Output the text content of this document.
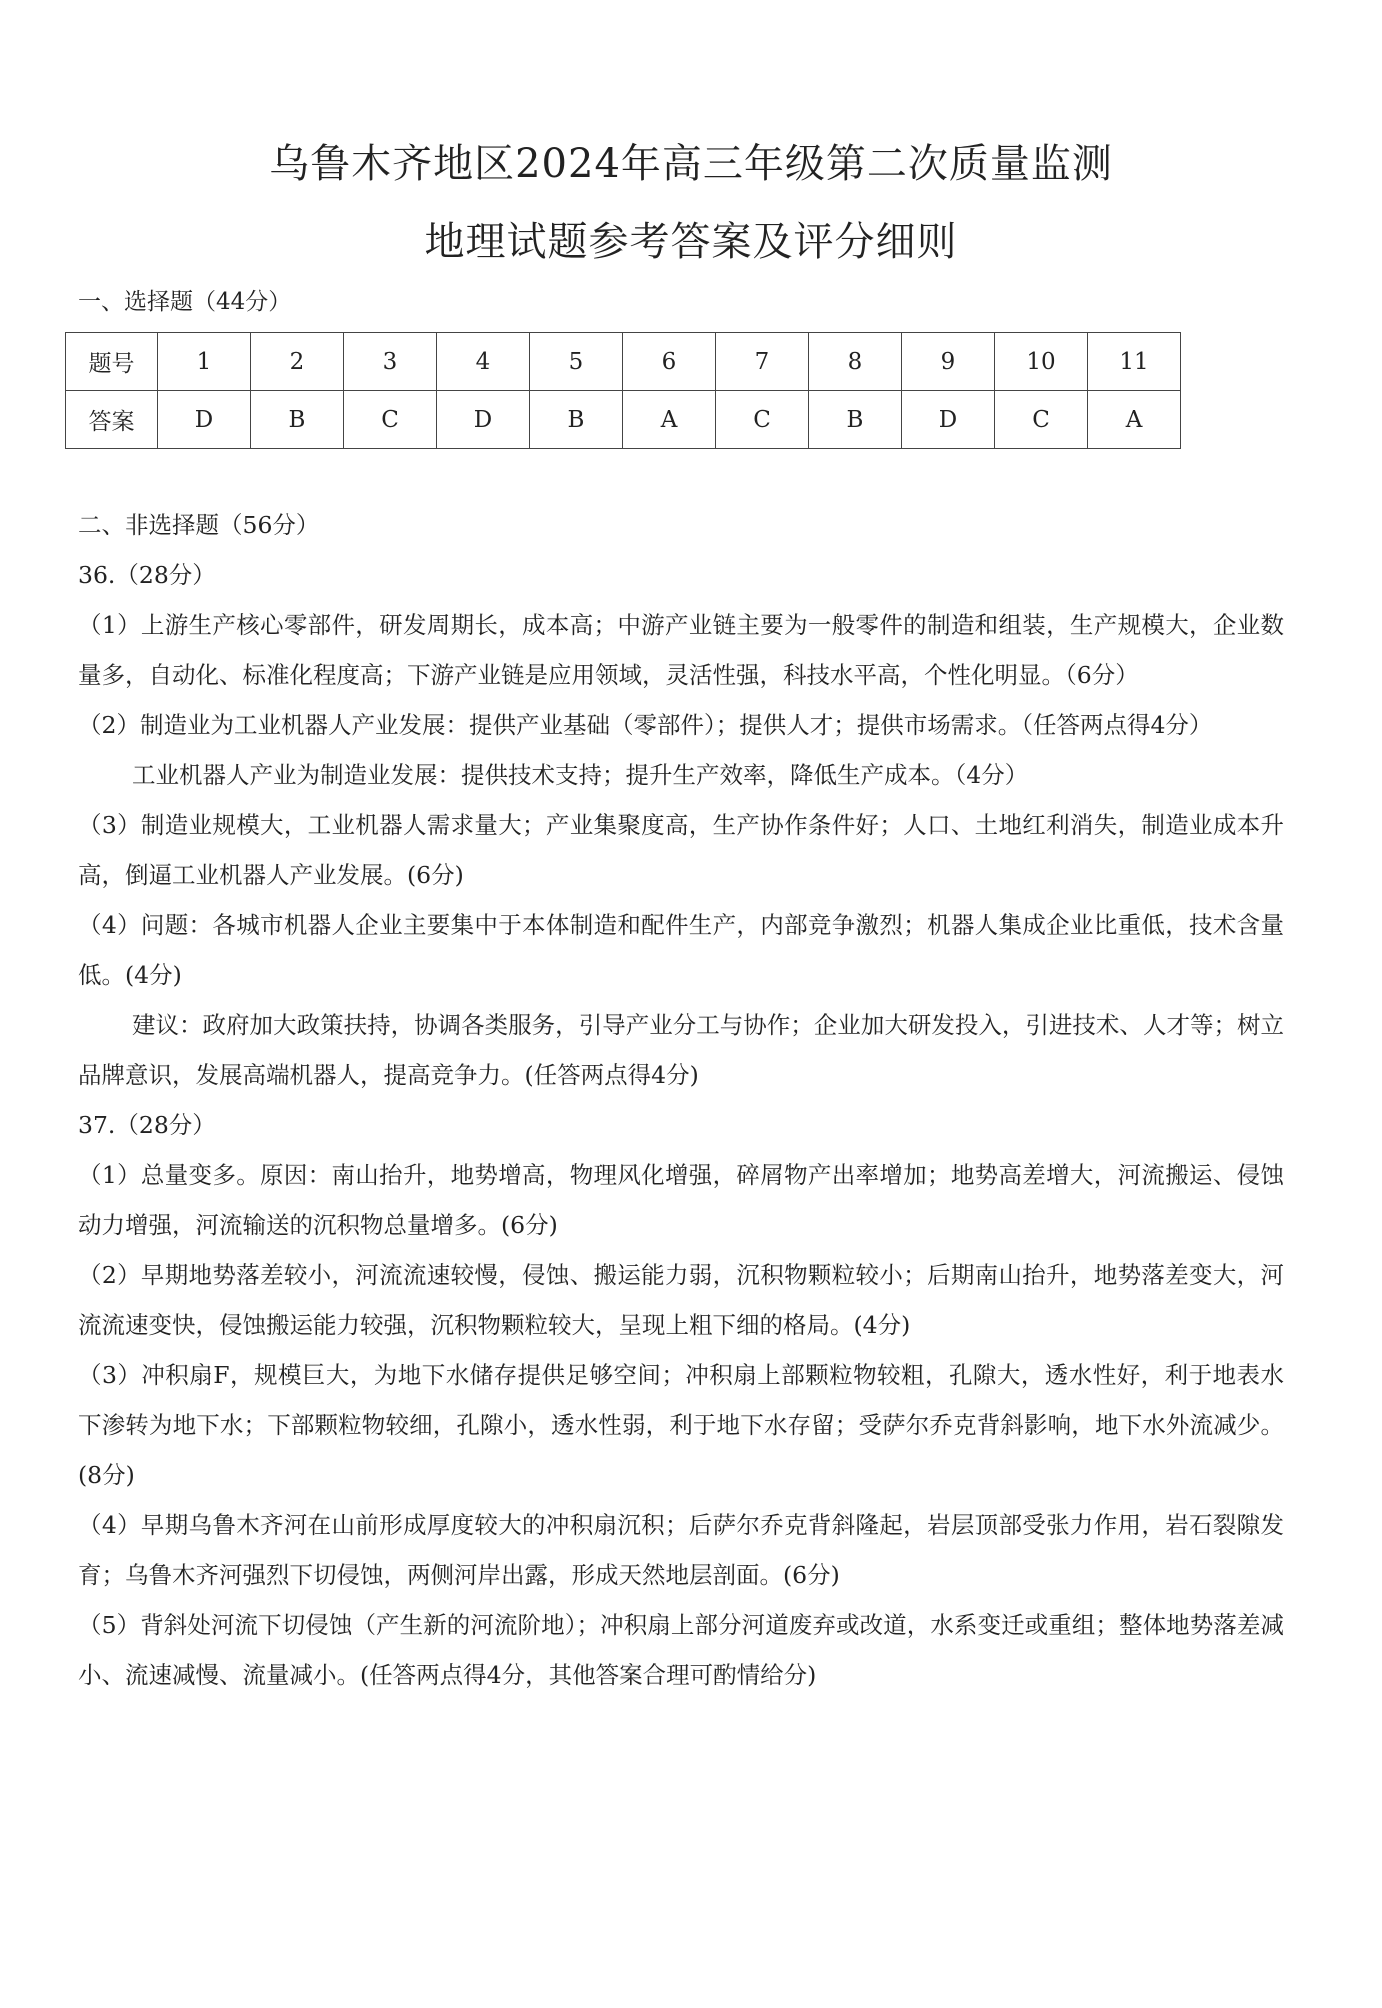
乌鲁木齐地区2024年高三年级第二次质量监测
地理试题参考答案及评分细则
一、选择题（44分）
题号	1	2	3	4	5	6	7	8	9	10	11
答案	D	B	C	D	B	A	C	B	D	C	A

二、非选择题（56分）

36.（28分）

（1）上游生产核心零部件，研发周期长，成本高；中游产业链主要为一般零件的制造和组装，生产规模大，企业数量多，自动化、标准化程度高；下游产业链是应用领域，灵活性强，科技水平高，个性化明显。（6分）

（2）制造业为工业机器人产业发展：提供产业基础（零部件）；提供人才；提供市场需求。（任答两点得4分）

工业机器人产业为制造业发展：提供技术支持；提升生产效率，降低生产成本。（4分）

（3）制造业规模大，工业机器人需求量大；产业集聚度高，生产协作条件好；人口、土地红利消失，制造业成本升高，倒逼工业机器人产业发展。(6分)

（4）问题：各城市机器人企业主要集中于本体制造和配件生产，内部竞争激烈；机器人集成企业比重低，技术含量低。(4分)

建议：政府加大政策扶持，协调各类服务，引导产业分工与协作；企业加大研发投入，引进技术、人才等；树立品牌意识，发展高端机器人，提高竞争力。(任答两点得4分)

37.（28分）

（1）总量变多。原因：南山抬升，地势增高，物理风化增强，碎屑物产出率增加；地势高差增大，河流搬运、侵蚀动力增强，河流输送的沉积物总量增多。(6分)

（2）早期地势落差较小，河流流速较慢，侵蚀、搬运能力弱，沉积物颗粒较小；后期南山抬升，地势落差变大，河流流速变快，侵蚀搬运能力较强，沉积物颗粒较大，呈现上粗下细的格局。(4分)

（3）冲积扇F，规模巨大，为地下水储存提供足够空间；冲积扇上部颗粒物较粗，孔隙大，透水性好，利于地表水下渗转为地下水；下部颗粒物较细，孔隙小，透水性弱，利于地下水存留；受萨尔乔克背斜影响，地下水外流减少。(8分)

（4）早期乌鲁木齐河在山前形成厚度较大的冲积扇沉积；后萨尔乔克背斜隆起，岩层顶部受张力作用，岩石裂隙发育；乌鲁木齐河强烈下切侵蚀，两侧河岸出露，形成天然地层剖面。(6分)

（5）背斜处河流下切侵蚀（产生新的河流阶地）；冲积扇上部分河道废弃或改道，水系变迁或重组；整体地势落差减小、流速减慢、流量减小。(任答两点得4分，其他答案合理可酌情给分)
